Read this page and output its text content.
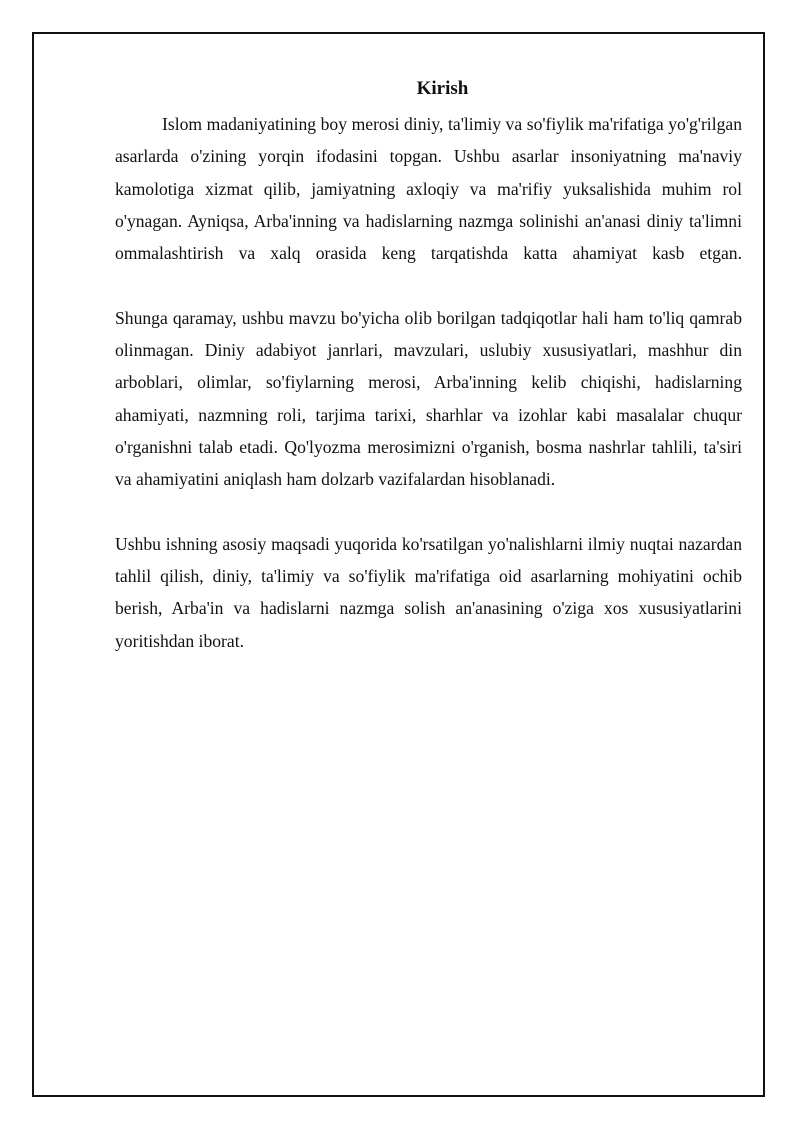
Kirish

Islom madaniyatining boy merosi diniy, ta'limiy va so'fiylik ma'rifatiga yo'g'rilgan asarlarda o'zining yorqin ifodasini topgan. Ushbu asarlar insoniyatning ma'naviy kamolotiga xizmat qilib, jamiyatning axloqiy va ma'rifiy yuksalishida muhim rol o'ynagan. Ayniqsa, Arba'inning va hadislarning nazmga solinishi an'anasi diniy ta'limni ommalashtirish va xalq orasida keng tarqatishda katta ahamiyat kasb etgan.

Shunga qaramay, ushbu mavzu bo'yicha olib borilgan tadqiqotlar hali ham to'liq qamrab olinmagan. Diniy adabiyot janrlari, mavzulari, uslubiy xususiyatlari, mashhur din arboblari, olimlar, so'fiylarning merosi, Arba'inning kelib chiqishi, hadislarning ahamiyati, nazmning roli, tarjima tarixi, sharhlar va izohlar kabi masalalar chuqur o'rganishni talab etadi. Qo'lyozma merosimizni o'rganish, bosma nashrlar tahlili, ta'siri va ahamiyatini aniqlash ham dolzarb vazifalardan hisoblanadi.

Ushbu ishning asosiy maqsadi yuqorida ko'rsatilgan yo'nalishlarni ilmiy nuqtai nazardan tahlil qilish, diniy, ta'limiy va so'fiylik ma'rifatiga oid asarlarning mohiyatini ochib berish, Arba'in va hadislarni nazmga solish an'anasining o'ziga xos xususiyatlarini yoritishdan iborat.
